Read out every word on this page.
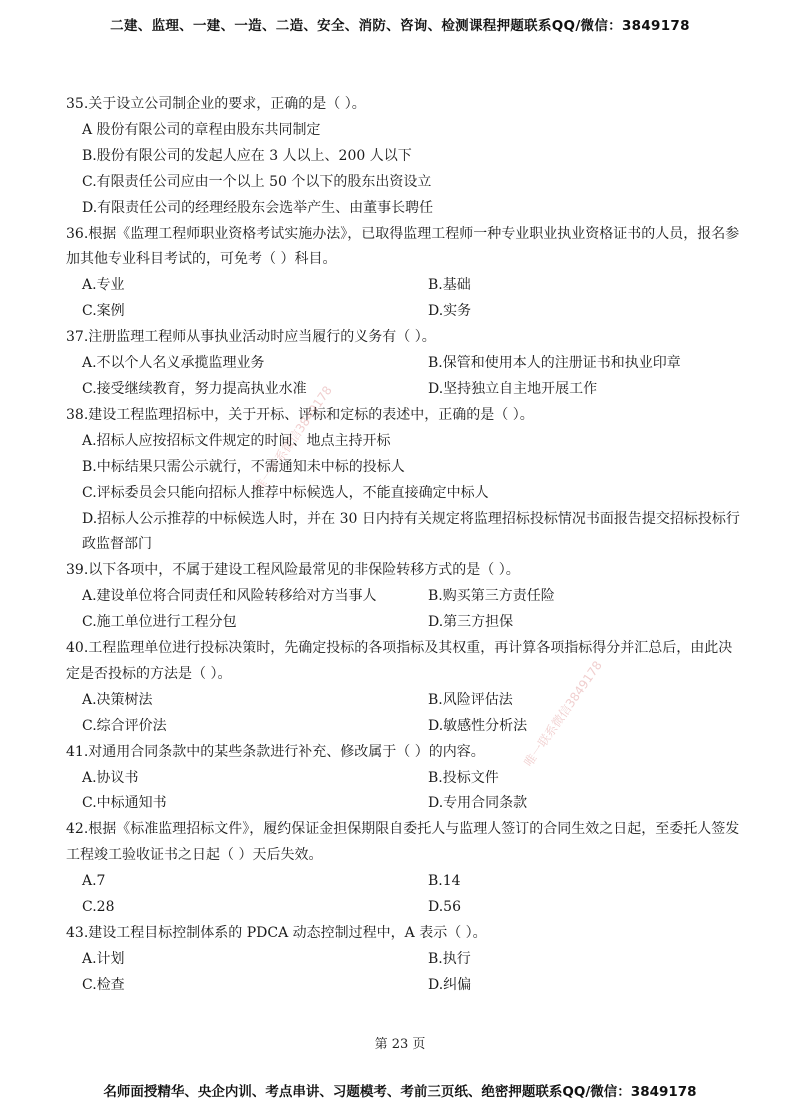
二建、监理、一建、一造、二造、安全、消防、咨询、检测课程押题联系QQ/微信：3849178
唯一联系微信3849178
唯一联系微信3849178
35.关于设立公司制企业的要求，正确的是（ ）。
A 股份有限公司的章程由股东共同制定
B.股份有限公司的发起人应在 3 人以上、200 人以下
C.有限责任公司应由一个以上 50 个以下的股东出资设立
D.有限责任公司的经理经股东会选举产生、由董事长聘任
36.根据《监理工程师职业资格考试实施办法》，已取得监理工程师一种专业职业执业资格证书的人员，报名参加其他专业科目考试的，可免考（ ）科目。
A.专业	B.基础
C.案例	D.实务
37.注册监理工程师从事执业活动时应当履行的义务有（ ）。
A.不以个人名义承揽监理业务	B.保管和使用本人的注册证书和执业印章
C.接受继续教育，努力提高执业水准	D.坚持独立自主地开展工作
38.建设工程监理招标中，关于开标、评标和定标的表述中，正确的是（ ）。
A.招标人应按招标文件规定的时间、地点主持开标
B.中标结果只需公示就行，不需通知未中标的投标人
C.评标委员会只能向招标人推荐中标候选人，不能直接确定中标人
D.招标人公示推荐的中标候选人时，并在 30 日内持有关规定将监理招标投标情况书面报告提交招标投标行政监督部门
39.以下各项中，不属于建设工程风险最常见的非保险转移方式的是（ ）。
A.建设单位将合同责任和风险转移给对方当事人	B.购买第三方责任险
C.施工单位进行工程分包	D.第三方担保
40.工程监理单位进行投标决策时，先确定投标的各项指标及其权重，再计算各项指标得分并汇总后，由此决定是否投标的方法是（ ）。
A.决策树法	B.风险评估法
C.综合评价法	D.敏感性分析法
41.对通用合同条款中的某些条款进行补充、修改属于（ ）的内容。
A.协议书	B.投标文件
C.中标通知书	D.专用合同条款
42.根据《标准监理招标文件》，履约保证金担保期限自委托人与监理人签订的合同生效之日起，至委托人签发工程竣工验收证书之日起（ ）天后失效。
A.7	B.14
C.28	D.56
43.建设工程目标控制体系的 PDCA 动态控制过程中，A 表示（ ）。
A.计划	B.执行
C.检查	D.纠偏
第 23 页
名师面授精华、央企内训、考点串讲、习题模考、考前三页纸、绝密押题联系QQ/微信：3849178
